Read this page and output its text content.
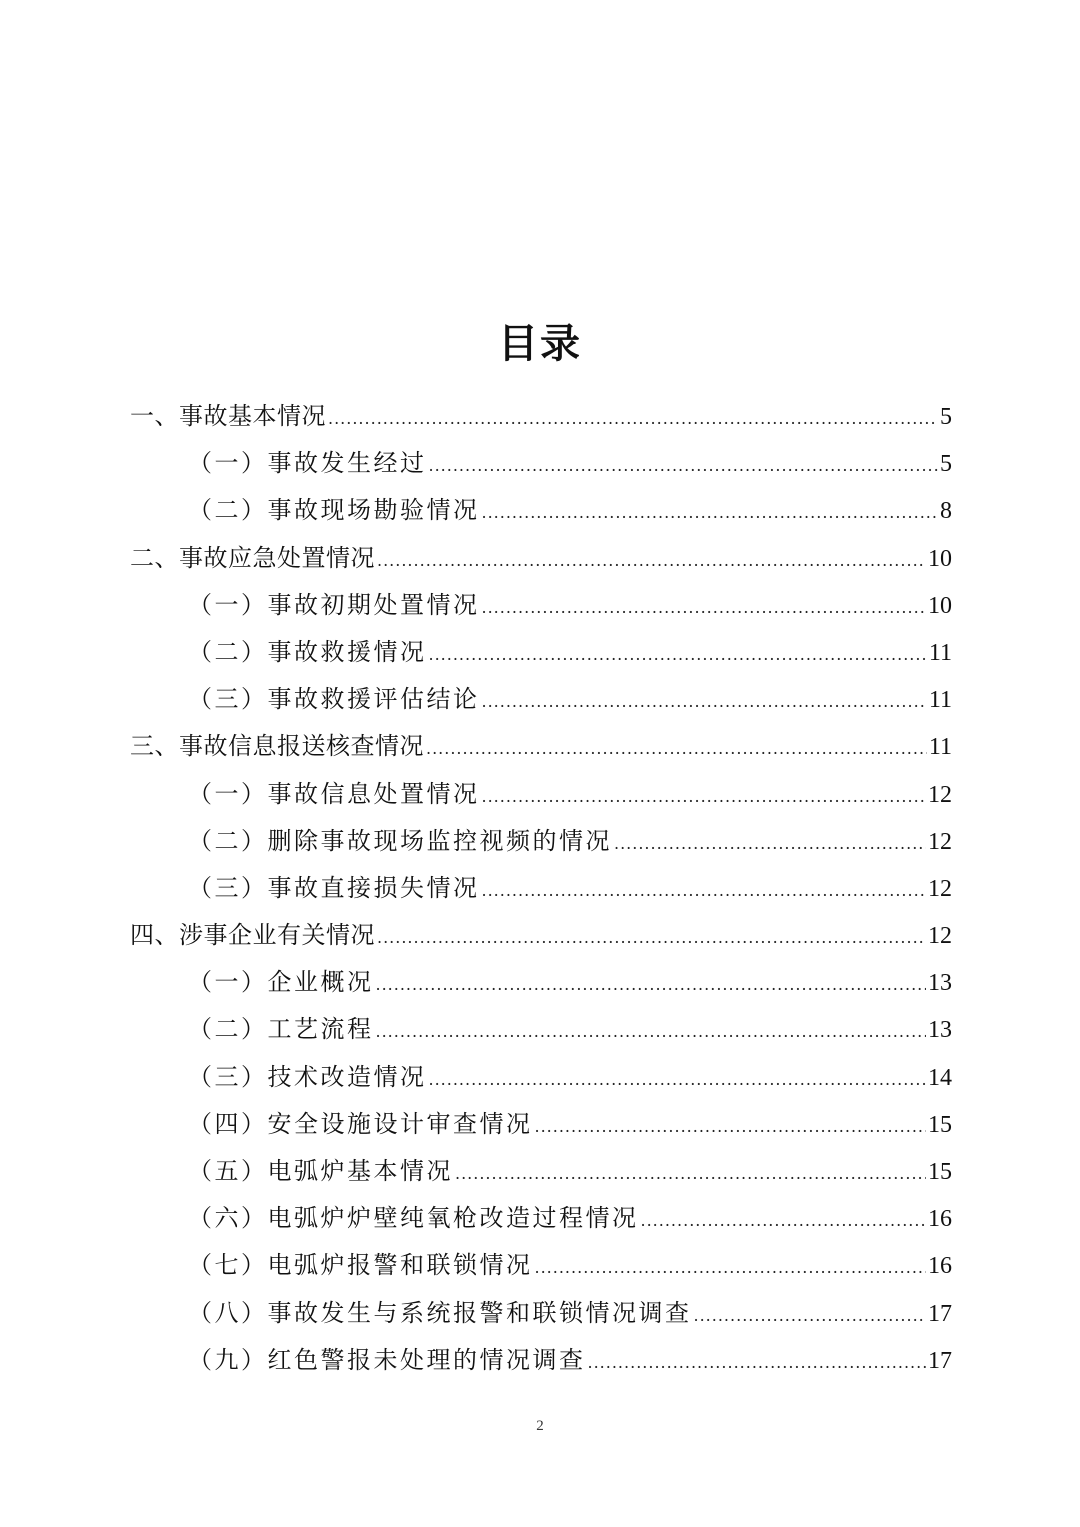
目录
一、事故基本情况 .....	5
（一）事故发生经过 .....	5
（二）事故现场勘验情况 .....	8
二、事故应急处置情况 .....	10
（一）事故初期处置情况 .....	10
（二）事故救援情况 .....	11
（三）事故救援评估结论 .....	11
三、事故信息报送核查情况 .....	11
（一）事故信息处置情况 .....	12
（二）删除事故现场监控视频的情况 .....	12
（三）事故直接损失情况 .....	12
四、涉事企业有关情况 .....	12
（一）企业概况 .....	13
（二）工艺流程 .....	13
（三）技术改造情况 .....	14
（四）安全设施设计审查情况 .....	15
（五）电弧炉基本情况 .....	15
（六）电弧炉炉壁纯氧枪改造过程情况 .....	16
（七）电弧炉报警和联锁情况 .....	16
（八）事故发生与系统报警和联锁情况调查 .....	17
（九）红色警报未处理的情况调查 .....	17
2
